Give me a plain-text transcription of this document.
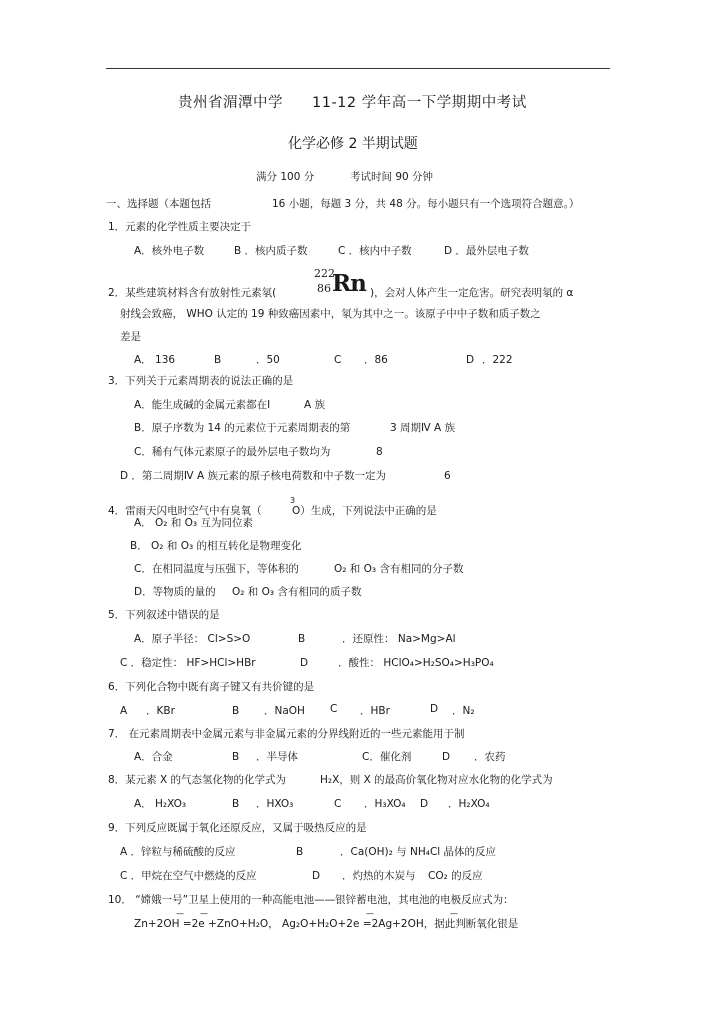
贵州省湄潭中学 11-12 学年高一下学期期中考试
化学必修 2 半期试题
满分 100 分	考试时间 90 分钟
一、选择题（本题包括	16 小题，每题 3 分，共 48 分。每小题只有一个选项符合题意。）
1．元素的化学性质主要决定于
A．核外电子数	B ．核内质子数	C ．核内中子数	D ．最外层电子数
2．某些建筑材料含有放射性元素氡(
222
86 Rn )，会对人体产生一定危害。研究表明氡的 α
射线会致癌， WHO 认定的 19 种致癌因素中，氡为其中之一。该原子中中子数和质子数之
差是
A． 136	B	．50	C ．86	D ．222
3．下列关于元素周期表的说法正确的是
A．能生成碱的金属元素都在Ⅰ	A 族
B．原子序数为 14 的元素位于元素周期表的第	3 周期Ⅳ A 族
C．稀有气体元素原子的最外层电子数均为	8
D ．第二周期Ⅳ A 族元素的原子核电荷数和中子数一定为	6
3
4．雷雨天闪电时空气中有臭氧（	O）生成，下列说法中正确的是
A． O₂ 和 O₃ 互为同位素
B． O₂ 和 O₃ 的相互转化是物理变化
C．在相同温度与压强下，等体积的	O₂ 和 O₃ 含有相同的分子数
D．等物质的量的 O₂ 和 O₃ 含有相同的质子数
5．下列叙述中错误的是
A．原子半径： Cl>S>O	B	．还原性： Na>Mg>Al
C ．稳定性： HF>HCl>HBr	D	．酸性： HClO₄>H₂SO₄>H₃PO₄
6．下列化合物中既有离子键又有共价键的是
A ．KBr	B ．NaOH C ．HBr	D ．N₂
7． 在元素周期表中金属元素与非金属元素的分界线附近的一些元素能用于制
A．合金	B ．半导体	C．催化剂	D ．农药
8．某元素 X 的气态氢化物的化学式为	H₂X，则 X 的最高价氧化物对应水化物的化学式为
A． H₂XO₃	B ．HXO₃	C ．H₃XO₄ D ．H₂XO₄
9．下列反应既属于氧化还原反应，又属于吸热反应的是
A ．锌粒与稀硫酸的反应	B	．Ca(OH)₂ 与 NH₄Cl 晶体的反应
C ．甲烷在空气中燃烧的反应	D ．灼热的木炭与 CO₂ 的反应
10． “嫦娥一号”卫星上使用的一种高能电池——银锌蓄电池，其电池的电极反应式为：
— —	—	—
Zn+2OH =2e +ZnO+H₂O， Ag₂O+H₂O+2e =2Ag+2OH，据此判断氧化银是
